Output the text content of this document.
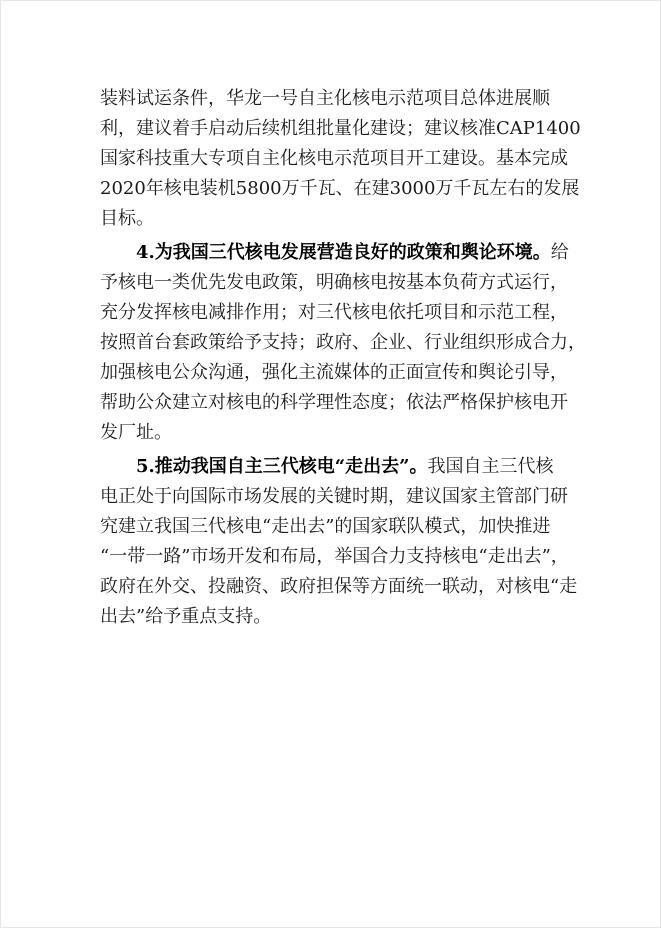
装料试运条件，华龙一号自主化核电示范项目总体进展顺
利，建议着手启动后续机组批量化建设；建议核准CAP1400
国家科技重大专项自主化核电示范项目开工建设。基本完成
2020年核电装机5800万千瓦、在建3000万千瓦左右的发展
目标。
4.为我国三代核电发展营造良好的政策和舆论环境。给
予核电一类优先发电政策，明确核电按基本负荷方式运行，
充分发挥核电减排作用；对三代核电依托项目和示范工程，
按照首台套政策给予支持；政府、企业、行业组织形成合力，
加强核电公众沟通，强化主流媒体的正面宣传和舆论引导，
帮助公众建立对核电的科学理性态度；依法严格保护核电开
发厂址。
5.推动我国自主三代核电“走出去”。我国自主三代核
电正处于向国际市场发展的关键时期，建议国家主管部门研
究建立我国三代核电“走出去”的国家联队模式，加快推进
“一带一路”市场开发和布局，举国合力支持核电“走出去”，
政府在外交、投融资、政府担保等方面统一联动，对核电“走
出去”给予重点支持。
